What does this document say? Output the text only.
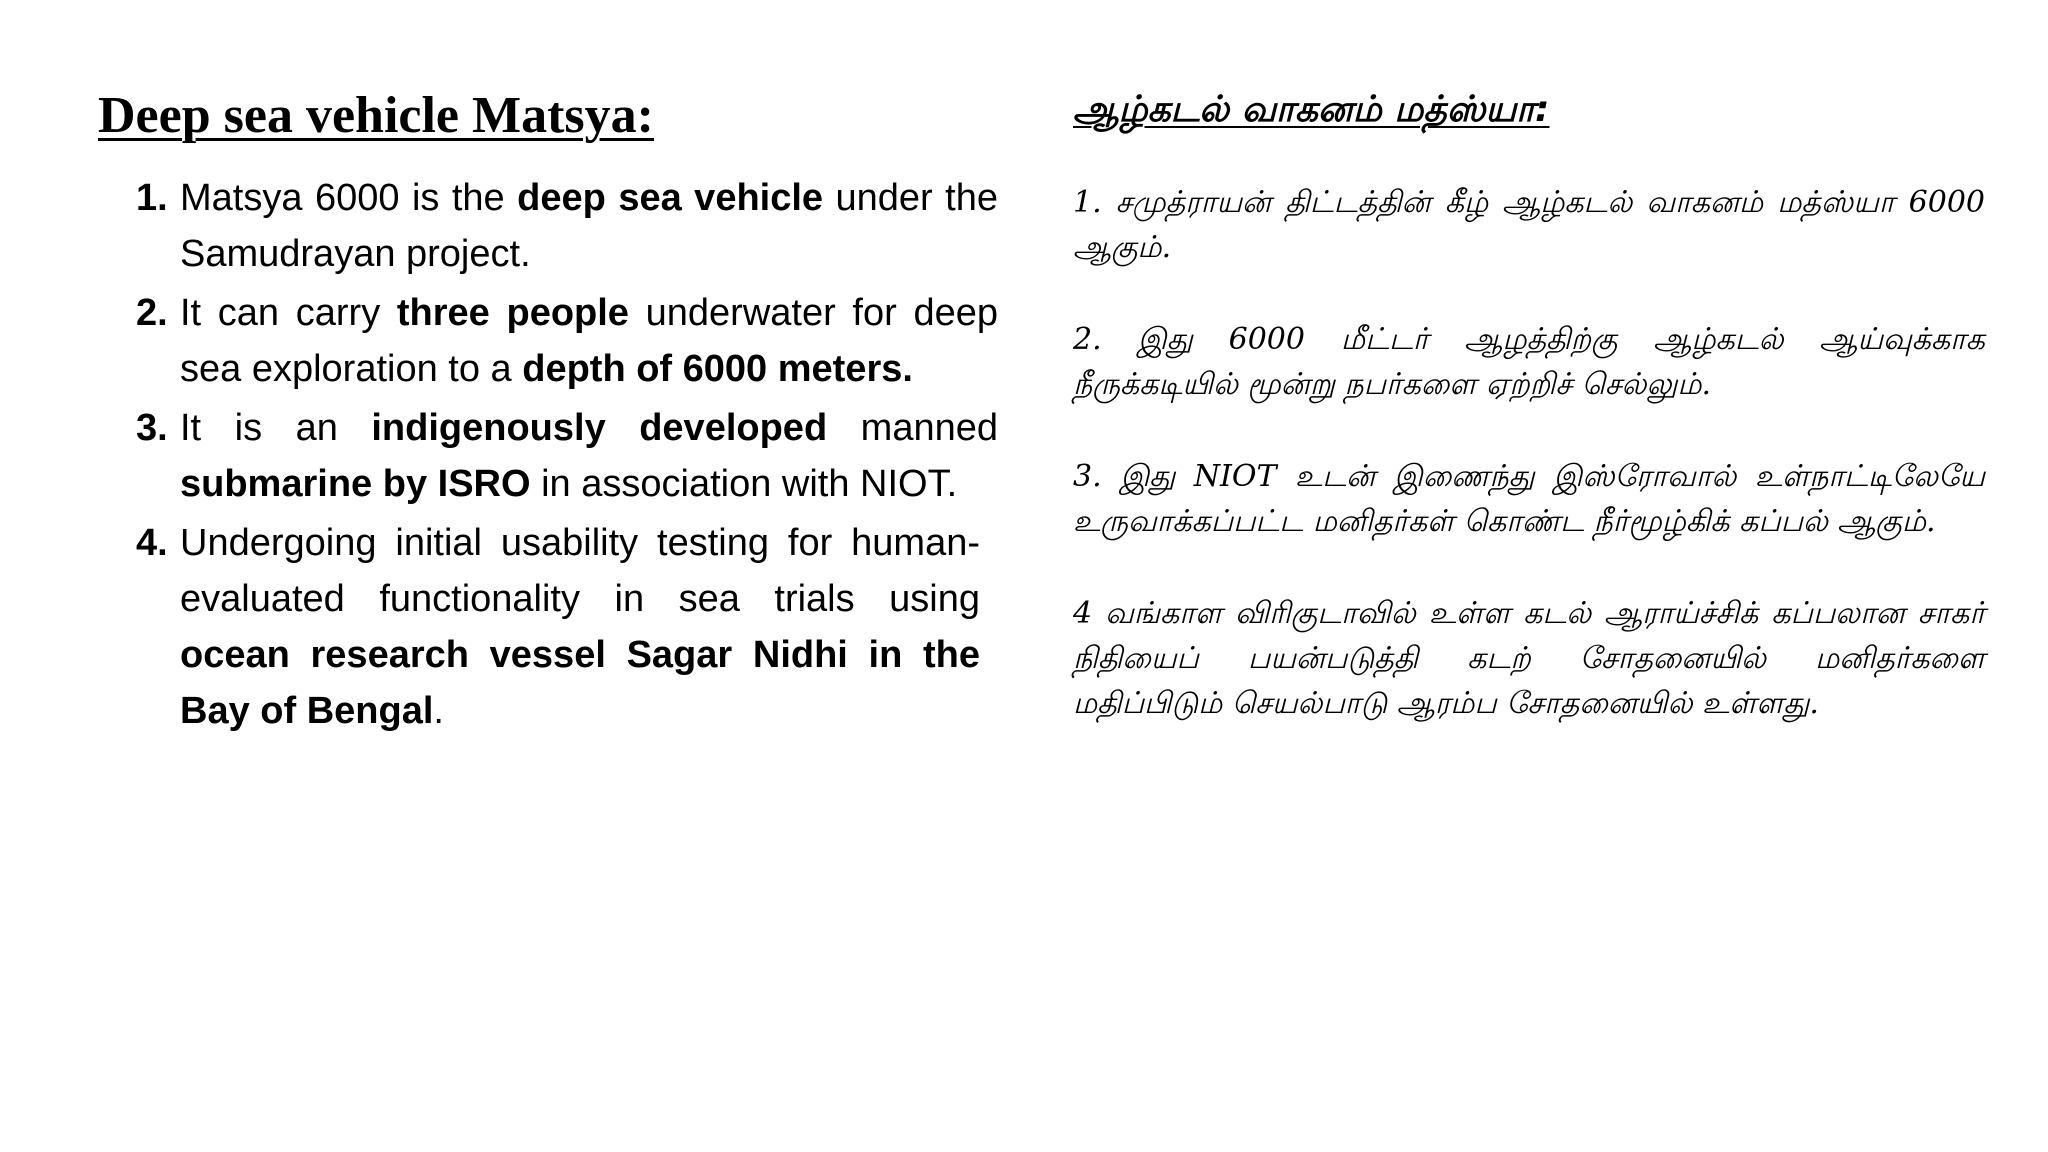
Deep sea vehicle Matsya:
1. Matsya 6000 is the deep sea vehicle under the Samudrayan project.
2. It can carry three people underwater for deep sea exploration to a depth of 6000 meters.
3. It is an indigenously developed manned submarine by ISRO in association with NIOT.
4. Undergoing initial usability testing for human-evaluated functionality in sea trials using ocean research vessel Sagar Nidhi in the Bay of Bengal.
ஆழ்கடல் வாகனம் மத்ஸ்யா:

1. சமுத்ராயன் திட்டத்தின் கீழ் ஆழ்கடல் வாகனம் மத்ஸ்யா 6000 ஆகும்.

2. இது 6000 மீட்டர் ஆழத்திற்கு ஆழ்கடல் ஆய்வுக்காக நீருக்கடியில் மூன்று நபர்களை ஏற்றிச் செல்லும்.

3. இது NIOT உடன் இணைந்து இஸ்ரோவால் உள்நாட்டிலேயே உருவாக்கப்பட்ட மனிதர்கள் கொண்ட நீர்மூழ்கிக் கப்பல் ஆகும்.

4 வங்காள விரிகுடாவில் உள்ள கடல் ஆராய்ச்சிக் கப்பலான சாகர் நிதியைப் பயன்படுத்தி கடற் சோதனையில் மனிதர்களை மதிப்பிடும் செயல்பாடு ஆரம்ப சோதனையில் உள்ளது.
